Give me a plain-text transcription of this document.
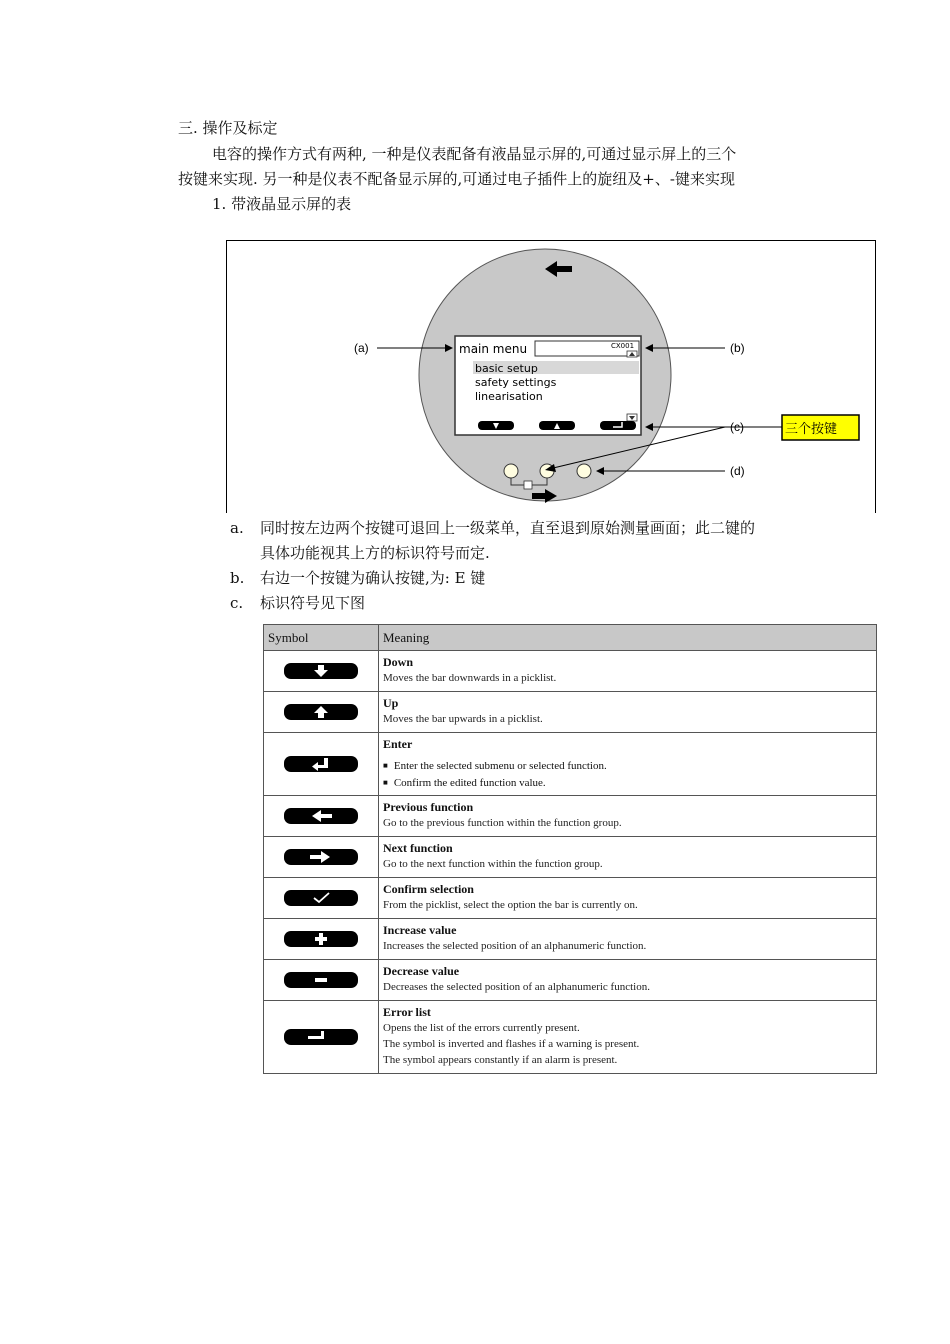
三. 操作及标定
电容的操作方式有两种, 一种是仪表配备有液晶显示屏的,可通过显示屏上的三个
按键来实现. 另一种是仪表不配备显示屏的,可通过电子插件上的旋纽及+、-键来实现
1. 带液晶显示屏的表
main menu	CX001
basic setup
safety settings
linearisation
(a)	(b)
(c)
(d)
三个按键
a. 同时按左边两个按键可退回上一级菜单，直至退到原始测量画面；此二键的
具体功能视其上方的标识符号而定.
b. 右边一个按键为确认按键,为: E 键
c. 标识符号见下图
Symbol	Meaning

Down
Moves the bar downwards in a picklist.

Up
Moves the bar upwards in a picklist.

Enter
■ Enter the selected submenu or selected function.
■ Confirm the edited function value.

Previous function
Go to the previous function within the function group.

Next function
Go to the next function within the function group.

Confirm selection
From the picklist, select the option the bar is currently on.

Increase value
Increases the selected position of an alphanumeric function.

Decrease value
Decreases the selected position of an alphanumeric function.

Error list
Opens the list of the errors currently present.
The symbol is inverted and flashes if a warning is present.
The symbol appears constantly if an alarm is present.
